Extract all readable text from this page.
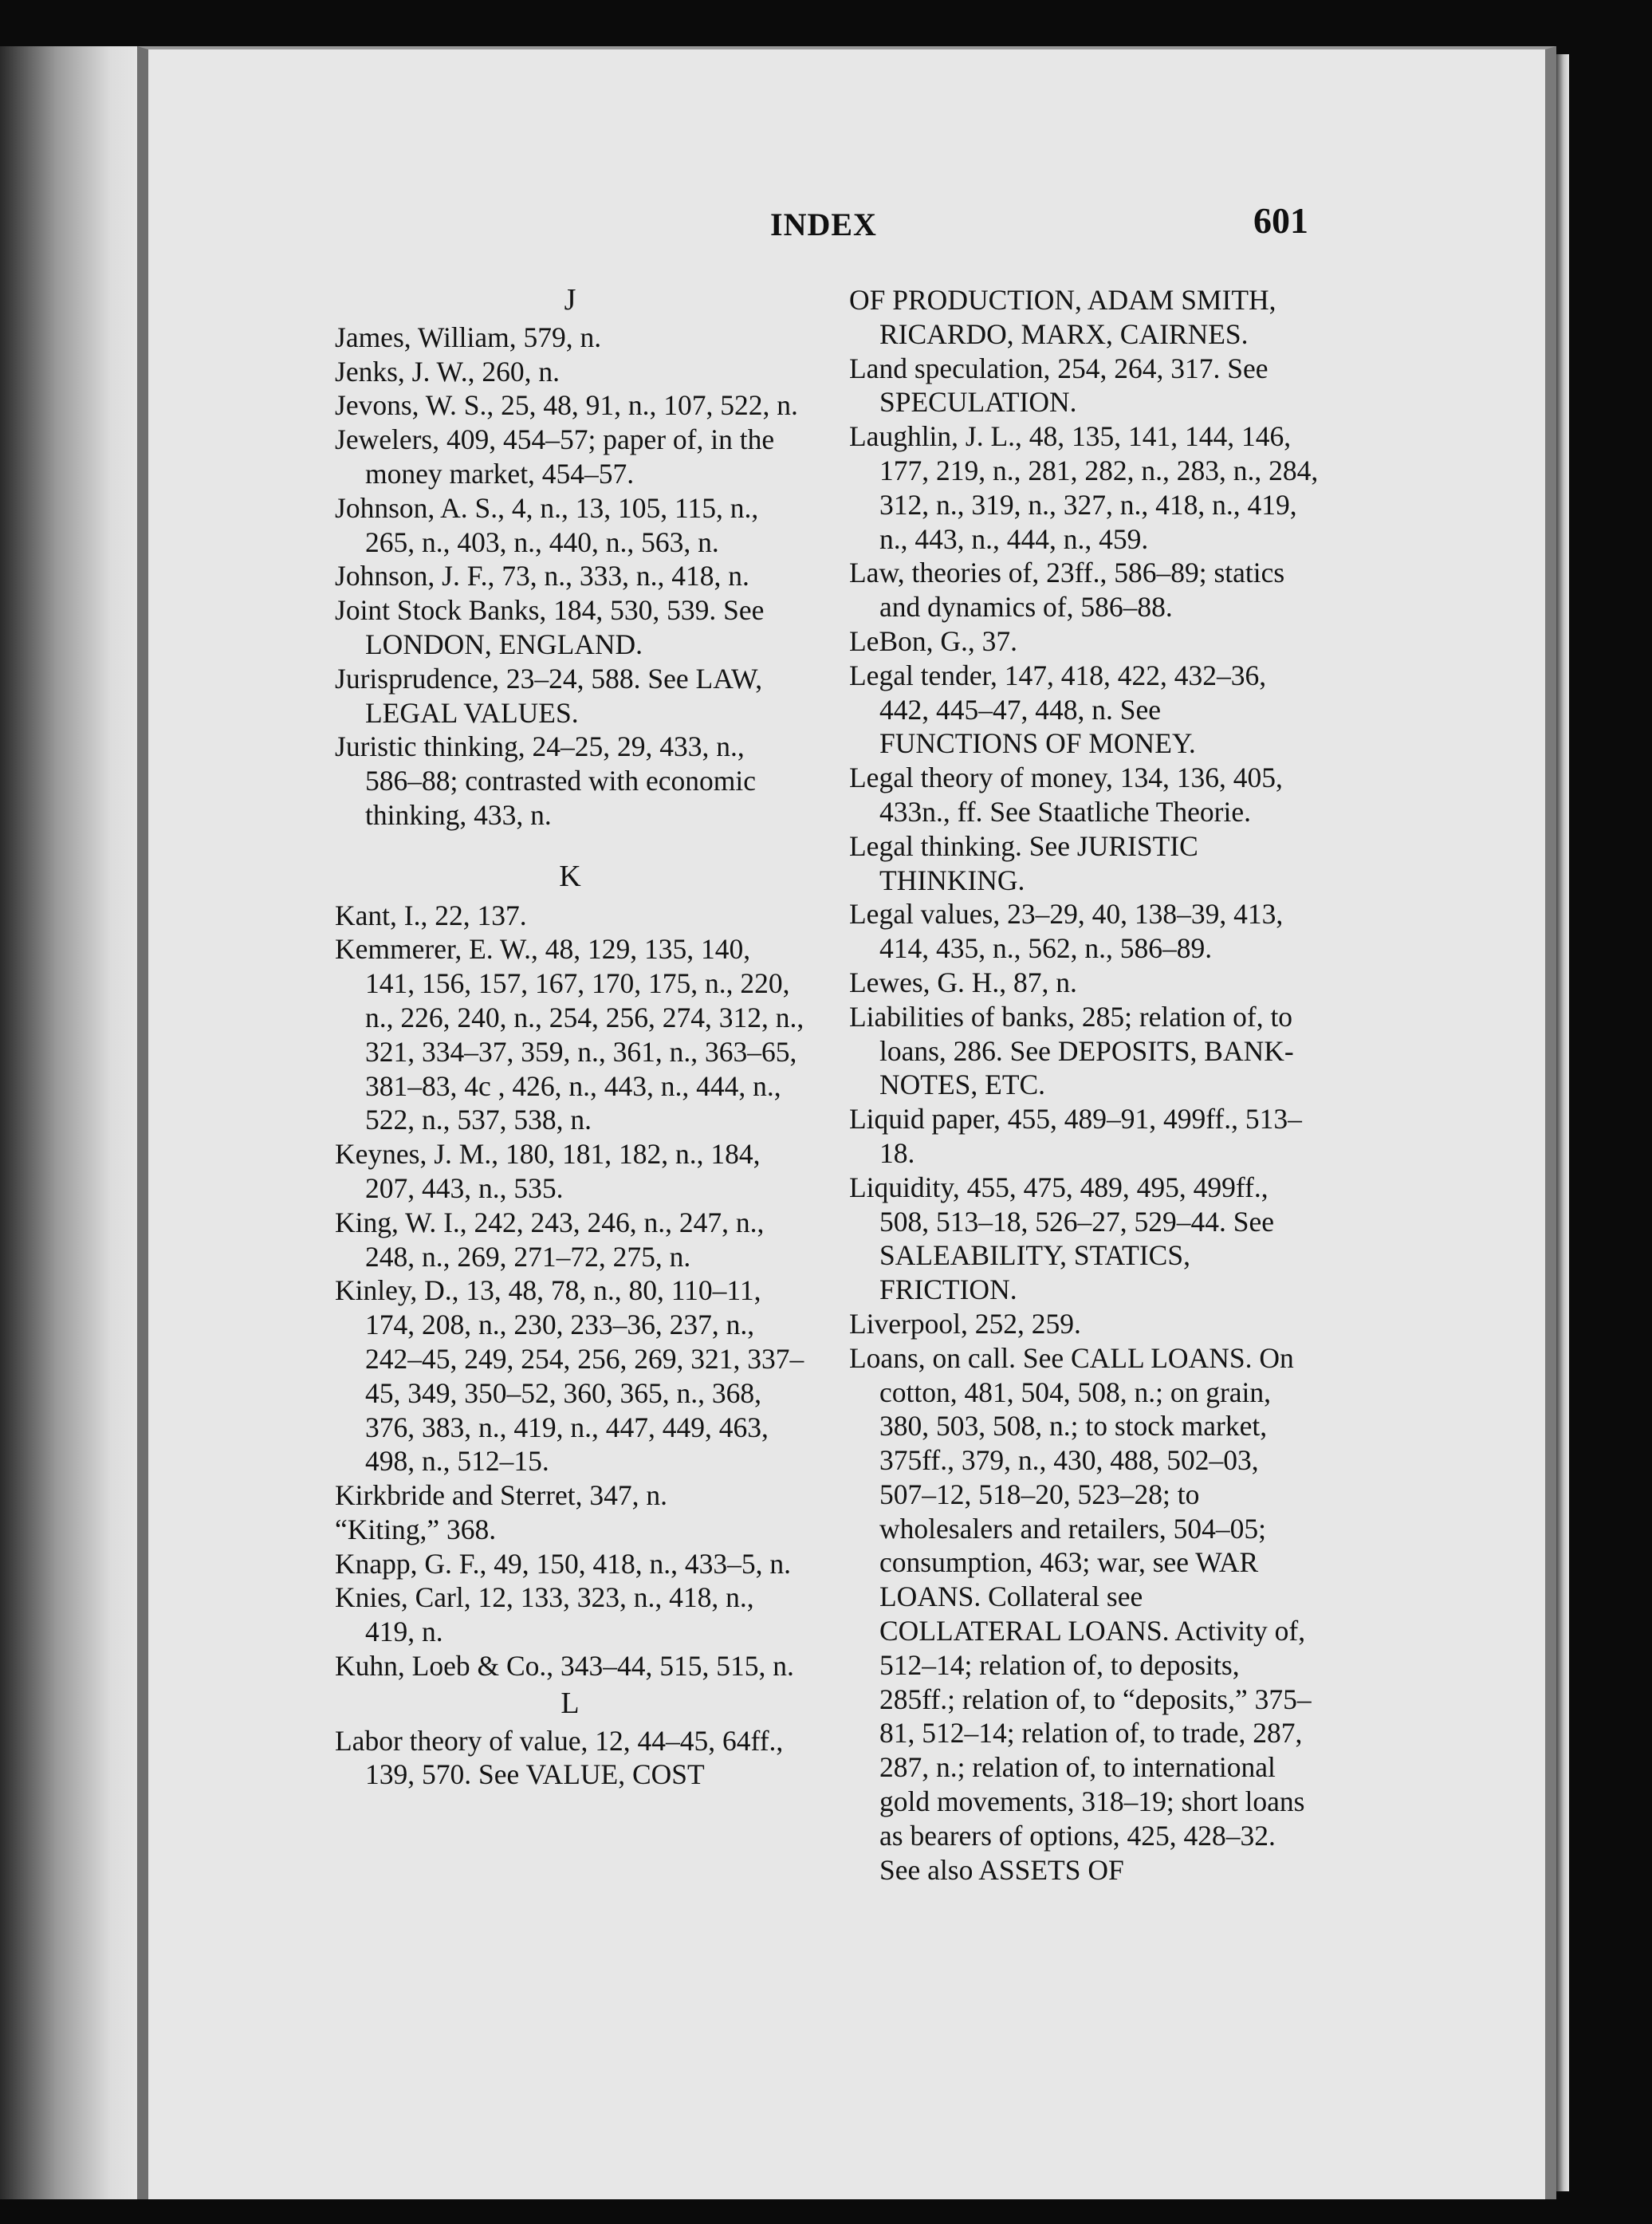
INDEX	601

J

James, William, 579, n.

Jenks, J. W., 260, n.

Jevons, W. S., 25, 48, 91, n., 107, 522, n.

Jewelers, 409, 454–57; paper of, in the money market, 454–57.

Johnson, A. S., 4, n., 13, 105, 115, n., 265, n., 403, n., 440, n., 563, n.

Johnson, J. F., 73, n., 333, n., 418, n.

Joint Stock Banks, 184, 530, 539. See LONDON, ENGLAND.

Jurisprudence, 23–24, 588. See LAW, LEGAL VALUES.

Juristic thinking, 24–25, 29, 433, n., 586–88; contrasted with economic thinking, 433, n.

K

Kant, I., 22, 137.

Kemmerer, E. W., 48, 129, 135, 140, 141, 156, 157, 167, 170, 175, n., 220, n., 226, 240, n., 254, 256, 274, 312, n., 321, 334–37, 359, n., 361, n., 363–65, 381–83, 4c , 426, n., 443, n., 444, n., 522, n., 537, 538, n.

Keynes, J. M., 180, 181, 182, n., 184, 207, 443, n., 535.

King, W. I., 242, 243, 246, n., 247, n., 248, n., 269, 271–72, 275, n.

Kinley, D., 13, 48, 78, n., 80, 110–11, 174, 208, n., 230, 233–36, 237, n., 242–45, 249, 254, 256, 269, 321, 337–45, 349, 350–52, 360, 365, n., 368, 376, 383, n., 419, n., 447, 449, 463, 498, n., 512–15.

Kirkbride and Sterret, 347, n.

“Kiting,” 368.

Knapp, G. F., 49, 150, 418, n., 433–5, n.

Knies, Carl, 12, 133, 323, n., 418, n., 419, n.

Kuhn, Loeb & Co., 343–44, 515, 515, n.

L

Labor theory of value, 12, 44–45, 64ff., 139, 570. See VALUE, COST

OF PRODUCTION, ADAM SMITH, RICARDO, MARX, CAIRNES.

Land speculation, 254, 264, 317. See SPECULATION.

Laughlin, J. L., 48, 135, 141, 144, 146, 177, 219, n., 281, 282, n., 283, n., 284, 312, n., 319, n., 327, n., 418, n., 419, n., 443, n., 444, n., 459.

Law, theories of, 23ff., 586–89; statics and dynamics of, 586–88.

LeBon, G., 37.

Legal tender, 147, 418, 422, 432–36, 442, 445–47, 448, n. See FUNCTIONS OF MONEY.

Legal theory of money, 134, 136, 405, 433n., ff. See Staatliche Theorie.

Legal thinking. See JURISTIC THINKING.

Legal values, 23–29, 40, 138–39, 413, 414, 435, n., 562, n., 586–89.

Lewes, G. H., 87, n.

Liabilities of banks, 285; relation of, to loans, 286. See DEPOSITS, BANK-NOTES, ETC.

Liquid paper, 455, 489–91, 499ff., 513–18.

Liquidity, 455, 475, 489, 495, 499ff., 508, 513–18, 526–27, 529–44. See SALEABILITY, STATICS, FRICTION.

Liverpool, 252, 259.

Loans, on call. See CALL LOANS. On cotton, 481, 504, 508, n.; on grain, 380, 503, 508, n.; to stock market, 375ff., 379, n., 430, 488, 502–03, 507–12, 518–20, 523–28; to wholesalers and retailers, 504–05; consumption, 463; war, see WAR LOANS. Collateral see COLLATERAL LOANS. Activity of, 512–14; relation of, to deposits, 285ff.; relation of, to “deposits,” 375–81, 512–14; relation of, to trade, 287, 287, n.; relation of, to international gold movements, 318–19; short loans as bearers of options, 425, 428–32. See also ASSETS OF
